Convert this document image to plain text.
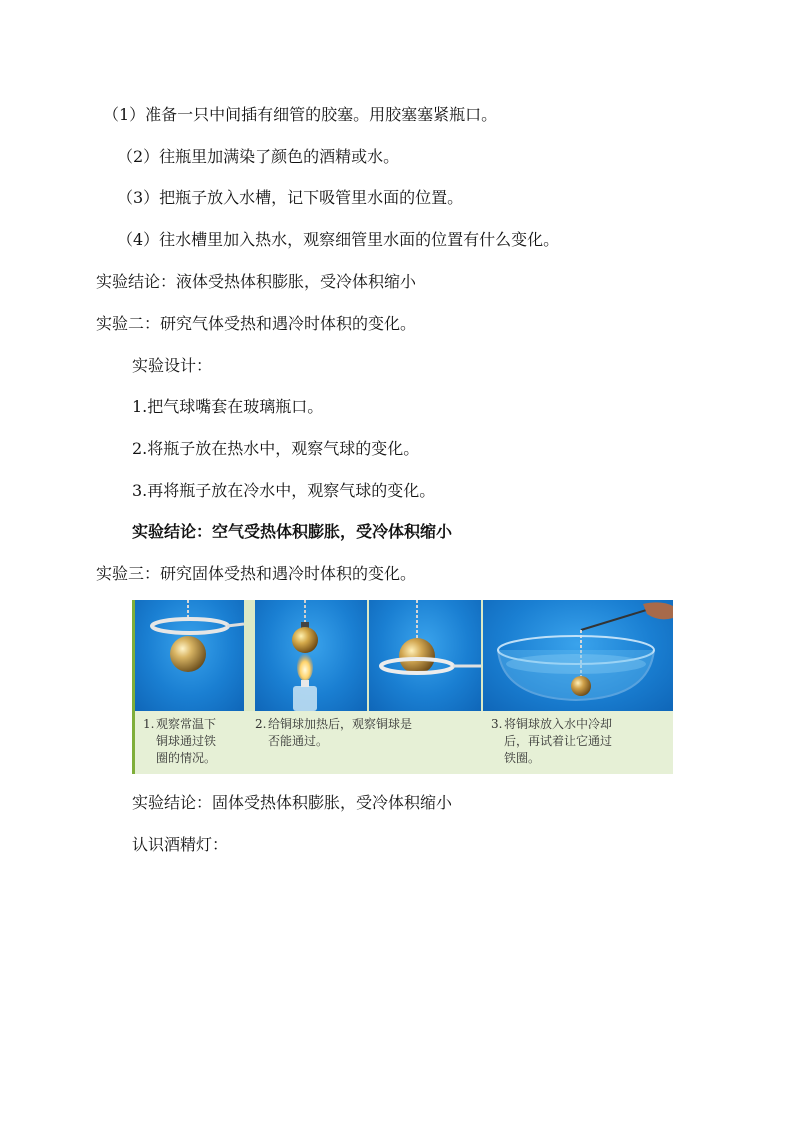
（1）准备一只中间插有细管的胶塞。用胶塞塞紧瓶口。
（2）往瓶里加满染了颜色的酒精或水。
（3）把瓶子放入水槽，记下吸管里水面的位置。
（4）往水槽里加入热水，观察细管里水面的位置有什么变化。
实验结论：液体受热体积膨胀，受冷体积缩小
实验二：研究气体受热和遇冷时体积的变化。
实验设计：
1.把气球嘴套在玻璃瓶口。
2.将瓶子放在热水中，观察气球的变化。
3.再将瓶子放在冷水中，观察气球的变化。
实验结论：空气受热体积膨胀，受冷体积缩小
实验三：研究固体受热和遇冷时体积的变化。
1. 观察常温下
铜球通过铁
圈的情况。
2. 给铜球加热后，观察铜球是
否能通过。
3. 将铜球放入水中冷却
后，再试着让它通过
铁圈。
实验结论：固体受热体积膨胀，受冷体积缩小
认识酒精灯：
